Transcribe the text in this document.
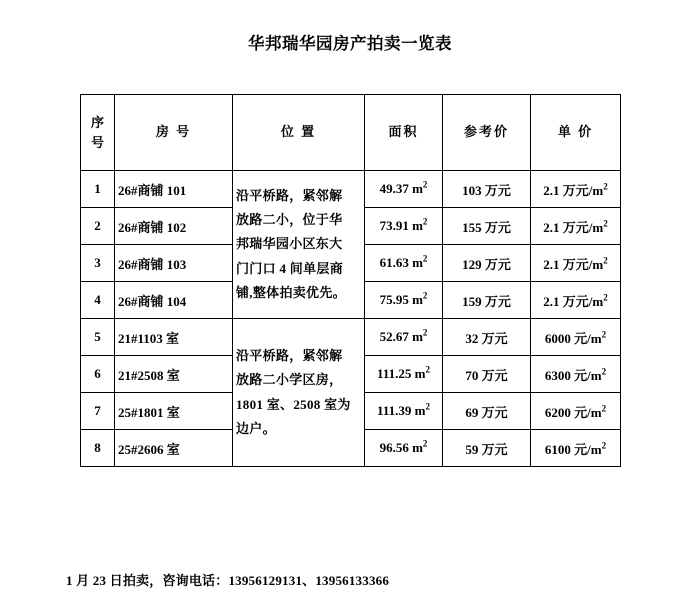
华邦瑞华园房产拍卖一览表
序
号	房 号	位 置	面积	参考价	单 价
1	26#商铺 101	沿平桥路，紧邻解
放路二小，位于华
邦瑞华园小区东大
门门口 4 间单层商
铺,整体拍卖优先。	49.37 $m^2$	103 万元	2.1 万元$/m^2$
2	26#商铺 102		73.91 $m^2$	155 万元	2.1 万元$/m^2$
3	26#商铺 103		61.63 $m^2$	129 万元	2.1 万元$/m^2$
4	26#商铺 104		75.95 $m^2$	159 万元	2.1 万元$/m^2$
5	21#1103 室	沿平桥路，紧邻解
放路二小学区房，
1801 室、2508 室为
边户。	52.67 $m^2$	32 万元	6000 元$/m^2$
6	21#2508 室		111.25 $m^2$	70 万元	6300 元$/m^2$
7	25#1801 室		111.39 $m^2$	69 万元	6200 元$/m^2$
8	25#2606 室		96.56 $m^2$	59 万元	6100 元$/m^2$
1 月 23 日拍卖，咨询电话：13956129131、13956133366
